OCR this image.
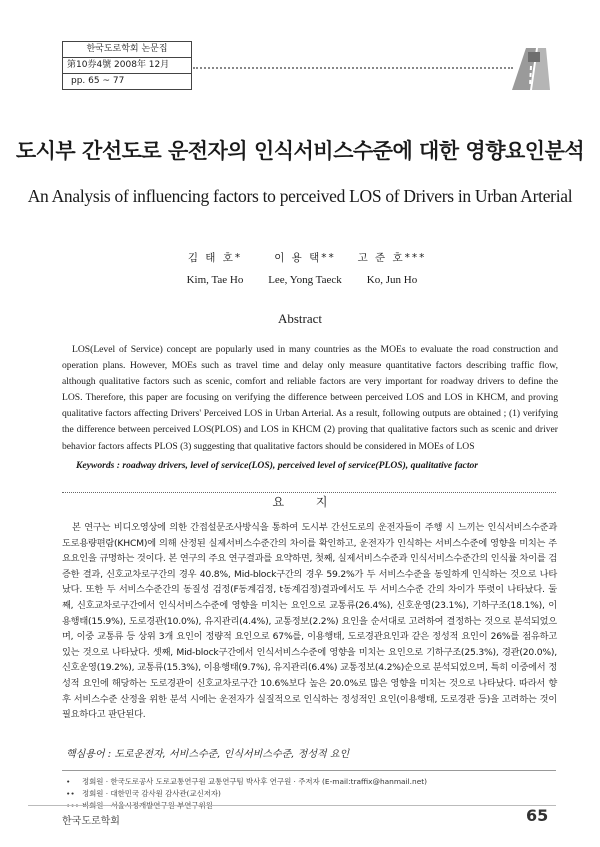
한국도로학회 논문집
第10券4號 2008年 12月
pp. 65 ~ 77
도시부 간선도로 운전자의 인식서비스수준에 대한 영향요인분석
An Analysis of influencing factors to perceived LOS of Drivers in Urban Arterial
김 태 호*
Kim, Tae Ho
이 용 택**
Lee, Yong Taeck
고 준 호***
Ko, Jun Ho
Abstract
LOS(Level of Service) concept are popularly used in many countries as the MOEs to evaluate the road construction and operation plans. However, MOEs such as travel time and delay only measure quantitative factors describing traffic flow, although qualitative factors such as scenic, comfort and reliable factors are very important for roadway drivers to define the LOS. Therefore, this paper are focusing on verifying the difference between perceived LOS and LOS in KHCM, and proving qualitative factors affecting Drivers' Perceived LOS in Urban Arterial. As a result, following outputs are obtained ; (1) verifying the difference between perceived LOS(PLOS) and LOS in KHCM (2) proving that qualitative factors such as scenic and driver behavior factors affects PLOS (3) suggesting that qualitative factors should be considered in MOEs of LOS
Keywords : roadway drivers, level of service(LOS), perceived level of service(PLOS), qualitative factor
요 지
본 연구는 비디오영상에 의한 간접설문조사방식을 통하여 도시부 간선도로의 운전자들이 주행 시 느끼는 인식서비스수준과 도로용량편람(KHCM)에 의해 산정된 실제서비스수준간의 차이를 확인하고, 운전자가 인식하는 서비스수준에 영향을 미치는 주요요인을 규명하는 것이다. 본 연구의 주요 연구결과를 요약하면, 첫째, 실제서비스수준과 인식서비스수준간의 인식률 차이를 검증한 결과, 신호교차로구간의 경우 40.8%, Mid-block구간의 경우 59.2%가 두 서비스수준을 동일하게 인식하는 것으로 나타났다. 또한 두 서비스수준간의 동질성 검정(F동계검정, t동계검정)결과에서도 두 서비스수준 간의 차이가 뚜렷이 나타났다. 둘째, 신호교차로구간에서 인식서비스수준에 영향을 미치는 요인으로 교통류(26.4%), 신호운영(23.1%), 기하구조(18.1%), 이용행태(15.9%), 도로경관(10.0%), 유지관리(4.4%), 교통정보(2.2%) 요인을 순서대로 고려하여 결정하는 것으로 분석되었으며, 이중 교통류 등 상위 3개 요인이 정량적 요인으로 67%를, 이용행태, 도로경관요인과 같은 정성적 요인이 26%를 점유하고 있는 것으로 나타났다. 셋째, Mid-block구간에서 인식서비스수준에 영향을 미치는 요인으로 기하구조(25.3%), 경관(20.0%), 신호운영(19.2%), 교통류(15.3%), 이용행태(9.7%), 유지관리(6.4%) 교통정보(4.2%)순으로 분석되었으며, 특히 이중에서 정성적 요인에 해당하는 도로경관이 신호교차로구간 10.6%보다 높은 20.0%로 많은 영향을 미치는 것으로 나타났다. 따라서 향후 서비스수준 산정을 위한 분석 시에는 운전자가 실질적으로 인식하는 정성적인 요인(이용행태, 도로경관 등)을 고려하는 것이 필요하다고 판단된다.
핵심용어 : 도로운전자, 서비스수준, 인식서비스수준, 정성적 요인
• 정회원 · 한국도로공사 도로교통연구원 교통연구팀 박사후 연구원 · 주저자 (E-mail:traffix@hanmail.net)
•• 정회원 · 대한민국 감사원 감사관(교신저자)
••• 비회원 · 서울시정개발연구원 부연구위원
한국도로학회	65
